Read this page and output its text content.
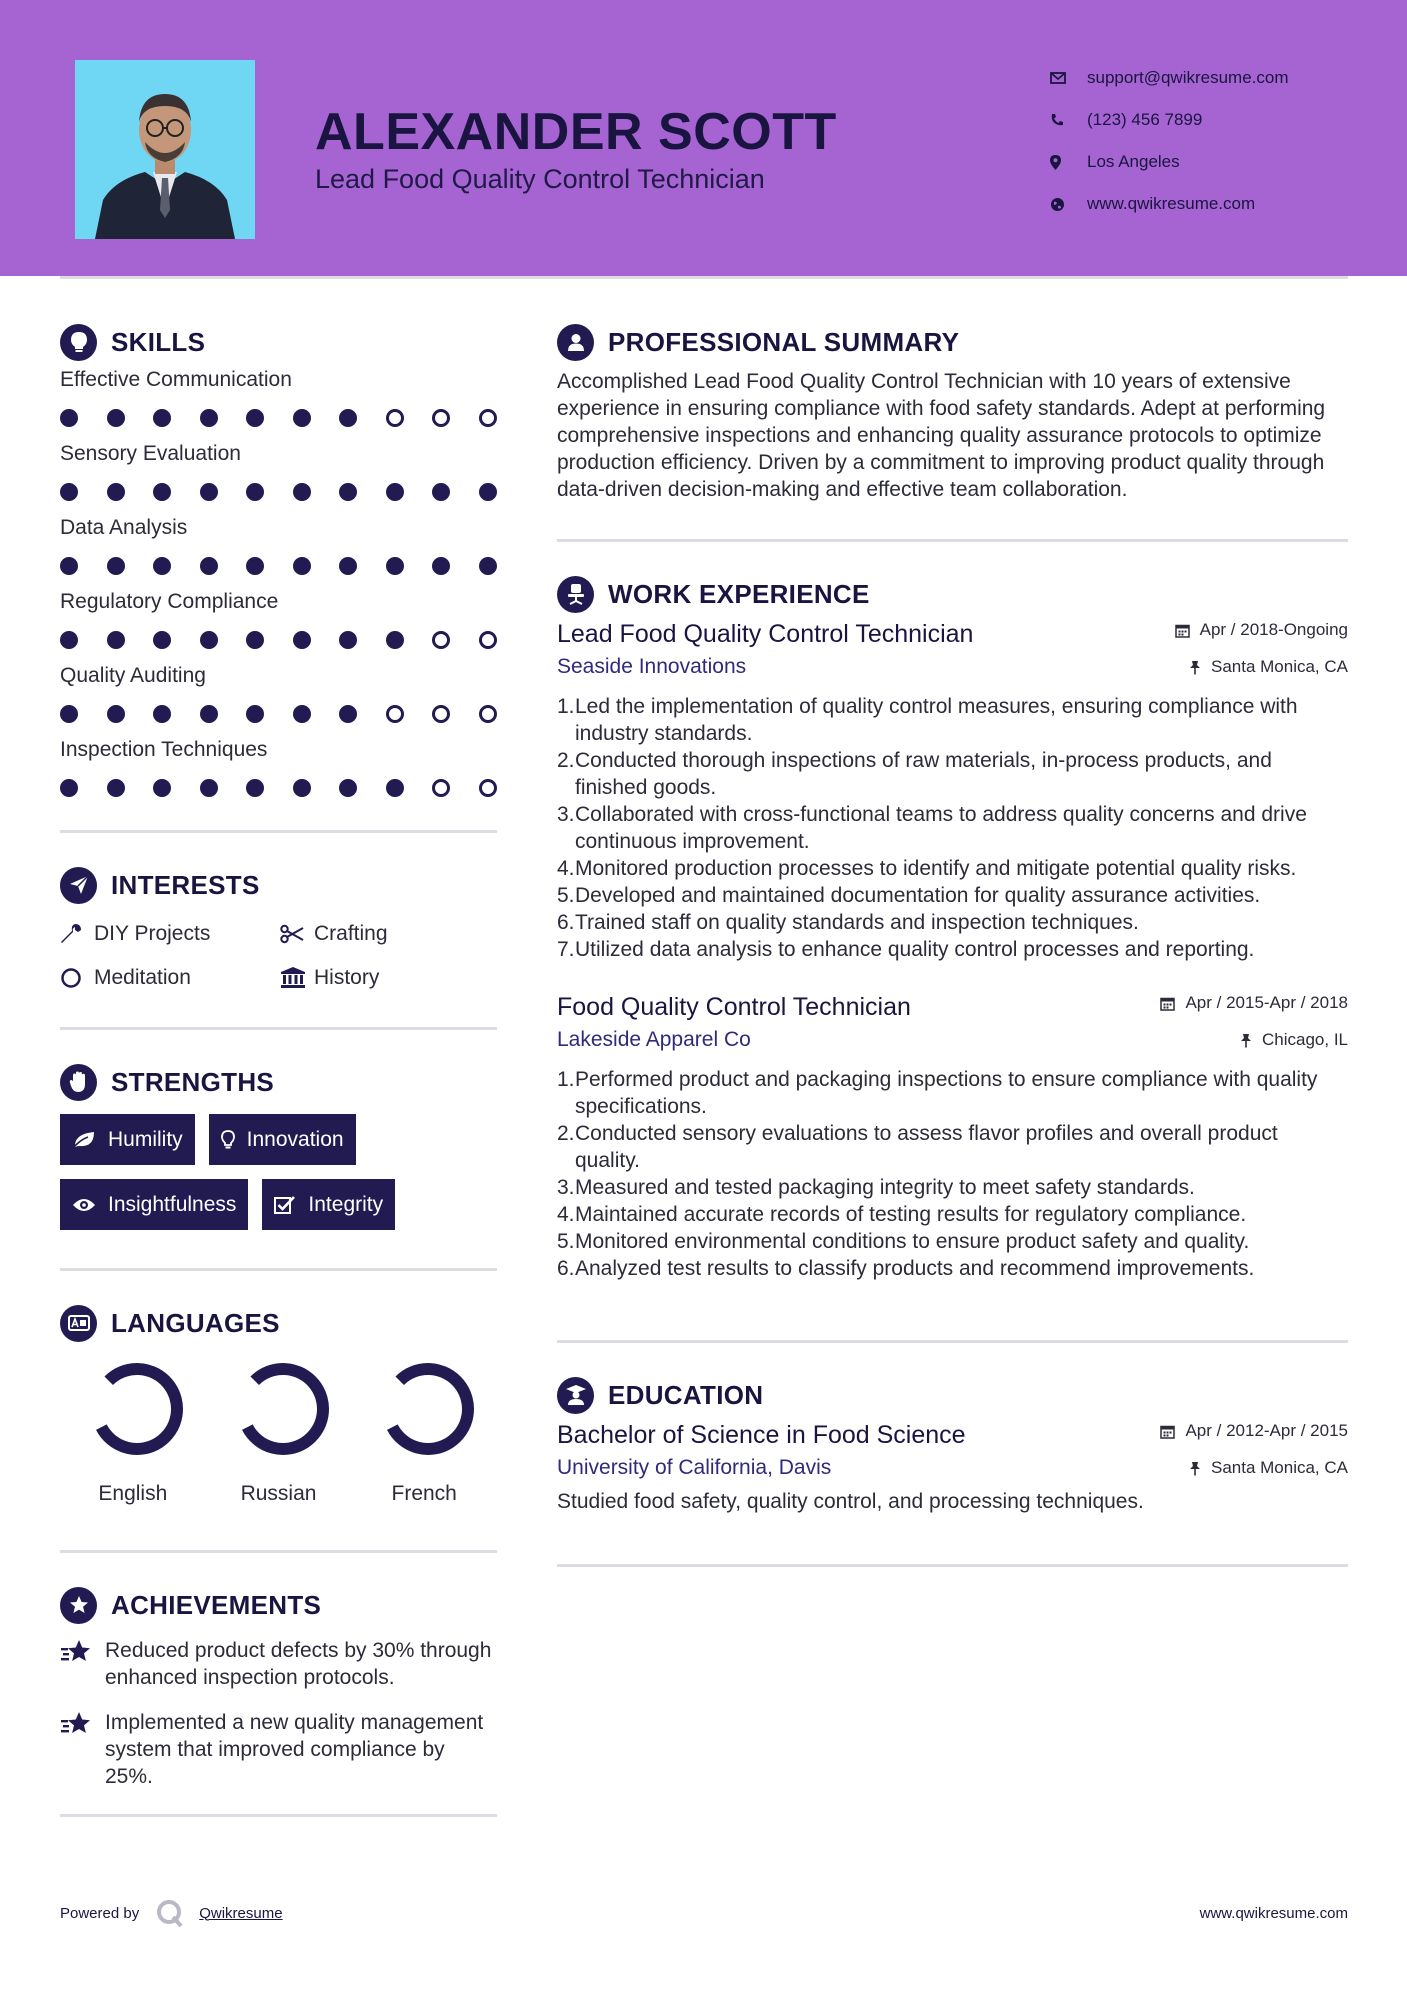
ALEXANDER SCOTT
Lead Food Quality Control Technician
support@qwikresume.com
(123) 456 7899
Los Angeles
www.qwikresume.com
SKILLS
Effective Communication
Sensory Evaluation
Data Analysis
Regulatory Compliance
Quality Auditing
Inspection Techniques
INTERESTS
DIY Projects	Crafting
Meditation	History
STRENGTHS
Humility	Innovation
Insightfulness	Integrity
LANGUAGES
English	Russian	French
ACHIEVEMENTS
Reduced product defects by 30% through enhanced inspection protocols.
Implemented a new quality management system that improved compliance by 25%.
PROFESSIONAL SUMMARY

Accomplished Lead Food Quality Control Technician with 10 years of extensive experience in ensuring compliance with food safety standards. Adept at performing comprehensive inspections and enhancing quality assurance protocols to optimize production efficiency. Driven by a commitment to improving product quality through data-driven decision-making and effective team collaboration.

WORK EXPERIENCE
Lead Food Quality Control Technician	Apr / 2018-Ongoing
Seaside Innovations	Santa Monica, CA
1. Led the implementation of quality control measures, ensuring compliance with industry standards.
2. Conducted thorough inspections of raw materials, in-process products, and finished goods.
3. Collaborated with cross-functional teams to address quality concerns and drive continuous improvement.
4. Monitored production processes to identify and mitigate potential quality risks.
5. Developed and maintained documentation for quality assurance activities.
6. Trained staff on quality standards and inspection techniques.
7. Utilized data analysis to enhance quality control processes and reporting.
Food Quality Control Technician	Apr / 2015-Apr / 2018
Lakeside Apparel Co	Chicago, IL
1. Performed product and packaging inspections to ensure compliance with quality specifications.
2. Conducted sensory evaluations to assess flavor profiles and overall product quality.
3. Measured and tested packaging integrity to meet safety standards.
4. Maintained accurate records of testing results for regulatory compliance.
5. Monitored environmental conditions to ensure product safety and quality.
6. Analyzed test results to classify products and recommend improvements.
EDUCATION
Bachelor of Science in Food Science	Apr / 2012-Apr / 2015
University of California, Davis	Santa Monica, CA

Studied food safety, quality control, and processing techniques.

Powered by	Qwikresume	www.qwikresume.com
